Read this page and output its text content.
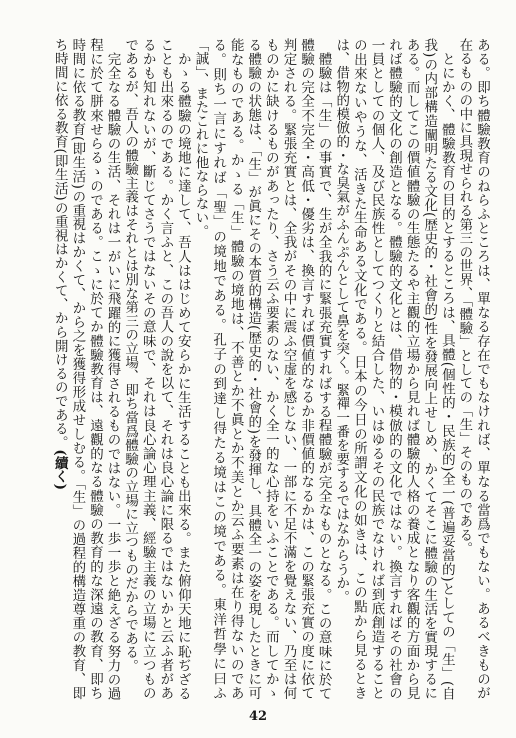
ある。即ち體驗教育のねらふところは、單なる存在でもなければ、單なる當爲でもない。あるべきものが在るものの中に具現せられる第三の世界、「體驗」としての「生」そのものである。

とにかく、體驗教育の目的とするところは、具體(個性的・民族的)全一(普遍妥當的)としての「生」(自我)の内部構造闡明たる文化(歴史的・社會的)性を發展向上せしめ、かくてそこに體驗の生活を實現するにある。而してこの價値體驗の生態たるや主觀的立場から見れば體驗的人格の養成となり客觀的方面から見れば體驗的文化の創造となる。體驗的文化とは、借物的・模倣的の文化ではない。換言すればその社會の一員としての個人、及び民族性としてつくりと結合した、いはゆるその民族でなければ到底創造することの出來ないやうな、活きた生命ある文化である。日本の今日の所謂文化の如きは、この點から見るときは、借物的模倣的・な臭氣がふんぷんとして鼻を突く。緊禪一番を要するではなからうか。

體驗は「生」の事實で、生が全我的に緊張充實すればする程體驗が完全なものとなる。この意味に於て體驗の完全不完全・高低・優劣は、換言すれば價値的なるか非價値的なるかは、この緊張充實の度に依て判定される。緊張充實とは、全我がその中に震ふ空虚を感じない、一部に不足不滿を覺えない、乃至は何ものかに缺けるものがあったり、さう云ふ要素のない、かく全一的な心持をいふことである。而してかゝる體驗の状態は、「生」が眞にその本質的構造(歴史的・社會的)を發揮し、具體全一の姿を現したときに可能なものである。かゝる「生」體驗の境地は、不善とか不眞とか不美とか云ふ要素は在り得ないのである。則ち一言にすれば「聖」の境地である。孔子の到達し得たる境はこの境である。東洋哲學に曰ふ「誠」、またこれに他ならない。

かゝる體驗の境地に達して、吾人ははじめて安らかに生活することも出來る。また俯仰天地に恥ぢざることも出來るのである。かく言ふと、この吾人の說を以て、それは良心論に限るではないかと云ふ者があるかも知れないが、斷じてさうではないその意味で、それは良心論心理主義、經驗主義の立場に立つものであるが、吾人の體驗主義はそれとは別な第三の立場、即ち當爲體驗の立場に立つものだからである。

完全なる體驗の生活、それは一がいに飛躍的に獲得されるものではない。一歩一歩と絶えざる努力の過程に於て胼來せらるゝのである。こゝに於てか體驗教育は、遠觀的なる體驗の教育的な深遠の教育、即ち時間に依る教育(即生活)の重視はかくて、から之を獲得形成せしむる。「生」の過程的構造尊重の教育、即ち時間に依る教育(即生活)の重視はかくて、から開けるのである。(續く)

42
